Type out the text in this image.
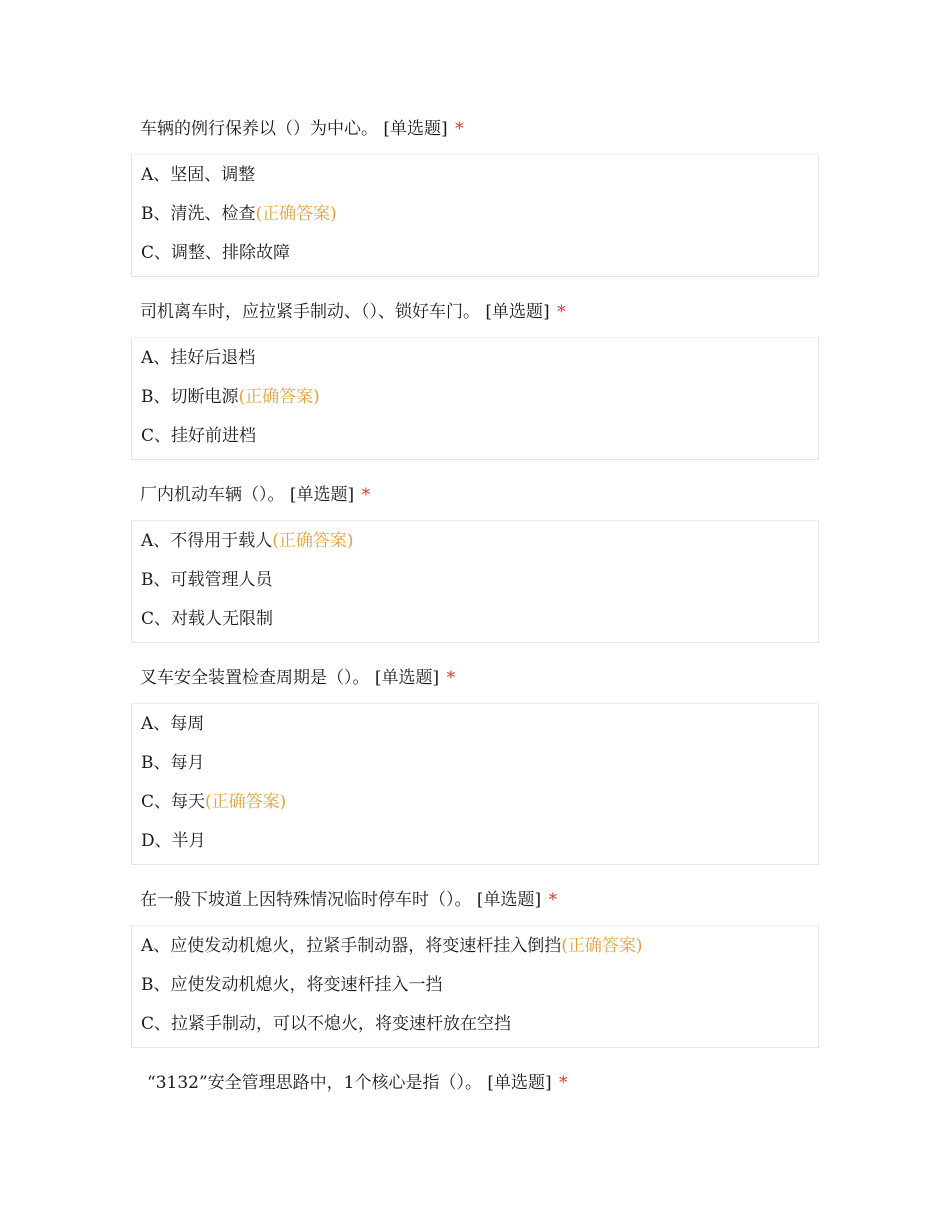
车辆的例行保养以（）为中心。 [单选题] *
A、坚固、调整
B、清洗、检查(正确答案)
C、调整、排除故障
司机离车时，应拉紧手制动、（）、锁好车门。 [单选题] *
A、挂好后退档
B、切断电源(正确答案)
C、挂好前进档
厂内机动车辆（）。 [单选题] *
A、不得用于载人(正确答案)
B、可载管理人员
C、对载人无限制
叉车安全装置检查周期是（）。 [单选题] *
A、每周
B、每月
C、每天(正确答案)
D、半月
在一般下坡道上因特殊情况临时停车时（）。 [单选题] *
A、应使发动机熄火，拉紧手制动器，将变速杆挂入倒挡(正确答案)
B、应使发动机熄火，将变速杆挂入一挡
C、拉紧手制动，可以不熄火，将变速杆放在空挡
“3132”安全管理思路中，1个核心是指（）。 [单选题] *
